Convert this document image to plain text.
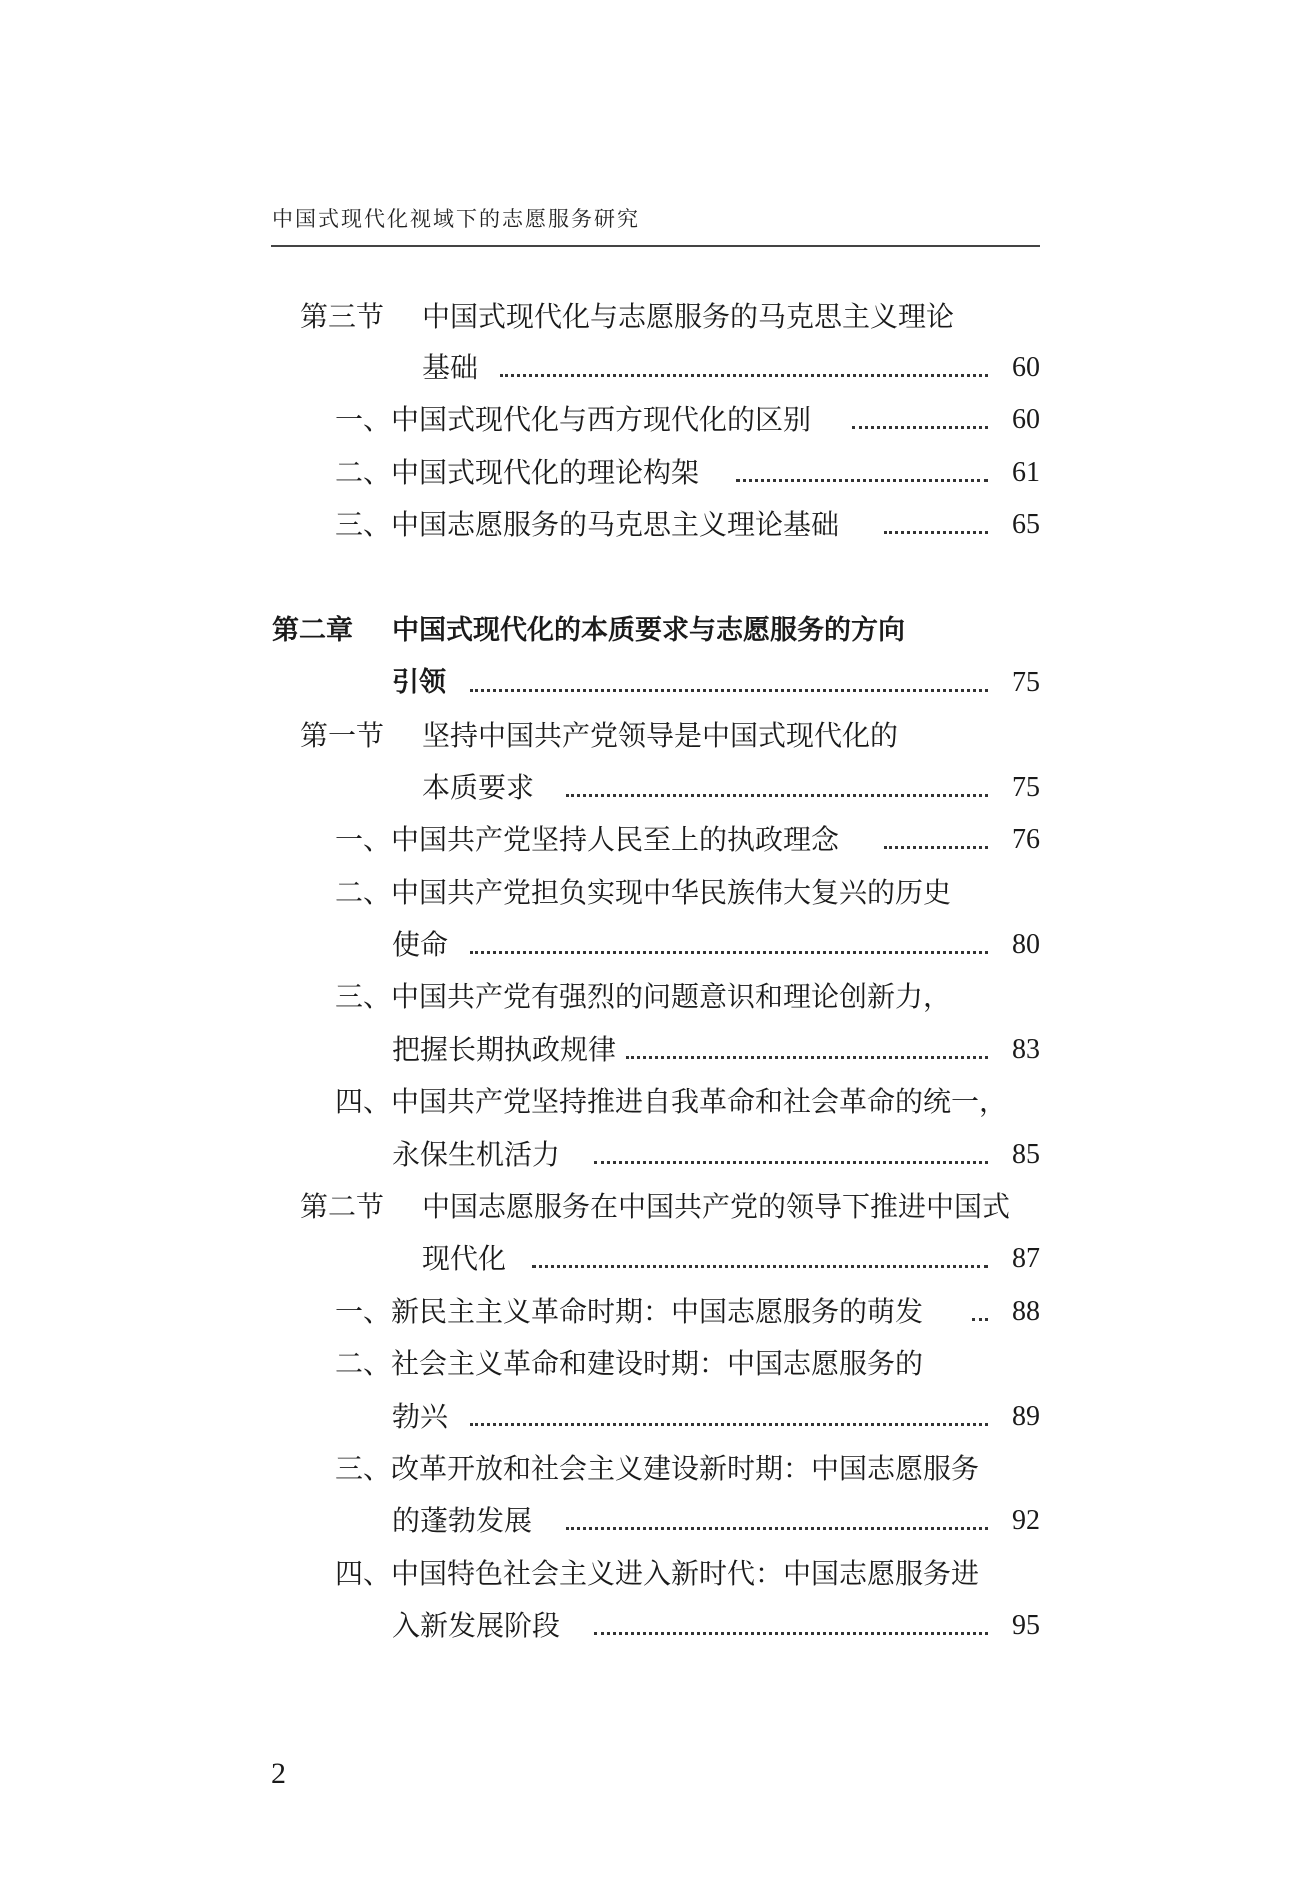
中国式现代化视域下的志愿服务研究
第三节 中国式现代化与志愿服务的马克思主义理论
基础	60
一、中国式现代化与西方现代化的区别	60
二、中国式现代化的理论构架	61
三、中国志愿服务的马克思主义理论基础	65
第二章 中国式现代化的本质要求与志愿服务的方向
引领	75
第一节 坚持中国共产党领导是中国式现代化的
本质要求	75
一、中国共产党坚持人民至上的执政理念	76
二、中国共产党担负实现中华民族伟大复兴的历史
使命	80
三、中国共产党有强烈的问题意识和理论创新力，
把握长期执政规律	83
四、中国共产党坚持推进自我革命和社会革命的统一，
永保生机活力	85
第二节 中国志愿服务在中国共产党的领导下推进中国式
现代化	87
一、新民主主义革命时期：中国志愿服务的萌发	88
二、社会主义革命和建设时期：中国志愿服务的
勃兴	89
三、改革开放和社会主义建设新时期：中国志愿服务
的蓬勃发展	92
四、中国特色社会主义进入新时代：中国志愿服务进
入新发展阶段	95
2
